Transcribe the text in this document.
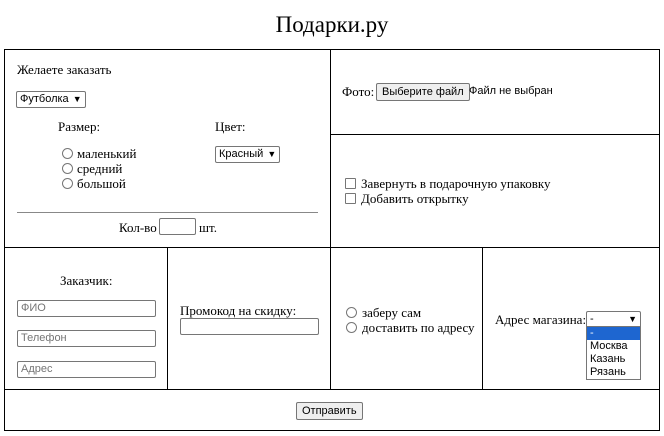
Подарки.ру
Желаете заказать
Футболка ▼
Размер:
маленький
средний
большой
Цвет:
Красный ▼
Кол-во	шт.
Фото: Выберите файл Файл не выбран
Завернуть в подарочную упаковку
Добавить открытку
Заказчик:
ФИО
Телефон
Адрес
Промокод на скидку:	заберу сам
доставить по адресу
Адрес магазина: -	▼
-
Москва
Казань
Рязань
Отправить
